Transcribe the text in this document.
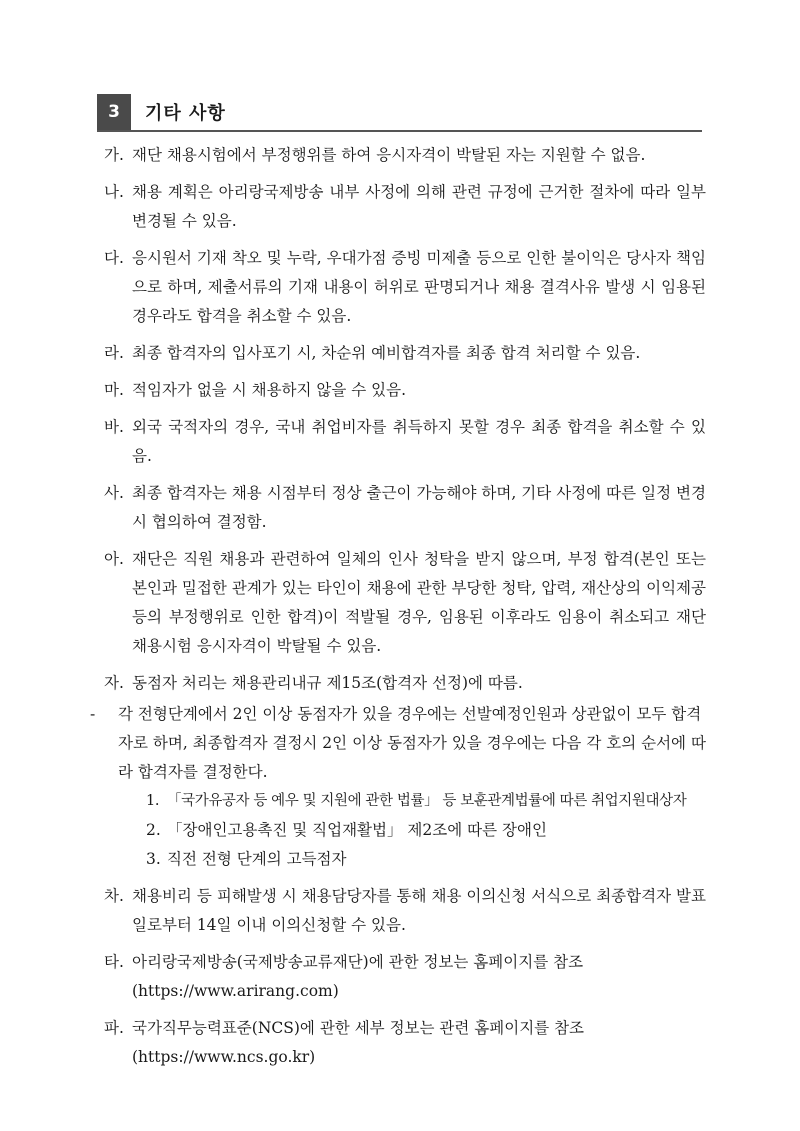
3	기타 사항
가. 재단 채용시험에서 부정행위를 하여 응시자격이 박탈된 자는 지원할 수 없음.
나. 채용 계획은 아리랑국제방송 내부 사정에 의해 관련 규정에 근거한 절차에 따라 일부 변경될 수 있음.
다. 응시원서 기재 착오 및 누락, 우대가점 증빙 미제출 등으로 인한 불이익은 당사자 책임으로 하며, 제출서류의 기재 내용이 허위로 판명되거나 채용 결격사유 발생 시 임용된 경우라도 합격을 취소할 수 있음.
라. 최종 합격자의 입사포기 시, 차순위 예비합격자를 최종 합격 처리할 수 있음.
마. 적임자가 없을 시 채용하지 않을 수 있음.
바. 외국 국적자의 경우, 국내 취업비자를 취득하지 못할 경우 최종 합격을 취소할 수 있음.
사. 최종 합격자는 채용 시점부터 정상 출근이 가능해야 하며, 기타 사정에 따른 일정 변경 시 협의하여 결정함.
아. 재단은 직원 채용과 관련하여 일체의 인사 청탁을 받지 않으며, 부정 합격(본인 또는 본인과 밀접한 관계가 있는 타인이 채용에 관한 부당한 청탁, 압력, 재산상의 이익제공 등의 부정행위로 인한 합격)이 적발될 경우, 임용된 이후라도 임용이 취소되고 재단 채용시험 응시자격이 박탈될 수 있음.
자. 동점자 처리는 채용관리내규 제15조(합격자 선정)에 따름.
- 각 전형단계에서 2인 이상 동점자가 있을 경우에는 선발예정인원과 상관없이 모두 합격자로 하며, 최종합격자 결정시 2인 이상 동점자가 있을 경우에는 다음 각 호의 순서에 따라 합격자를 결정한다.
1. 「국가유공자 등 예우 및 지원에 관한 법률」 등 보훈관계법률에 따른 취업지원대상자
2. 「장애인고용촉진 및 직업재활법」 제2조에 따른 장애인
3. 직전 전형 단계의 고득점자
차. 채용비리 등 피해발생 시 채용담당자를 통해 채용 이의신청 서식으로 최종합격자 발표일로부터 14일 이내 이의신청할 수 있음.
타. 아리랑국제방송(국제방송교류재단)에 관한 정보는 홈페이지를 참조
(https://www.arirang.com)
파. 국가직무능력표준(NCS)에 관한 세부 정보는 관련 홈페이지를 참조
(https://www.ncs.go.kr)
